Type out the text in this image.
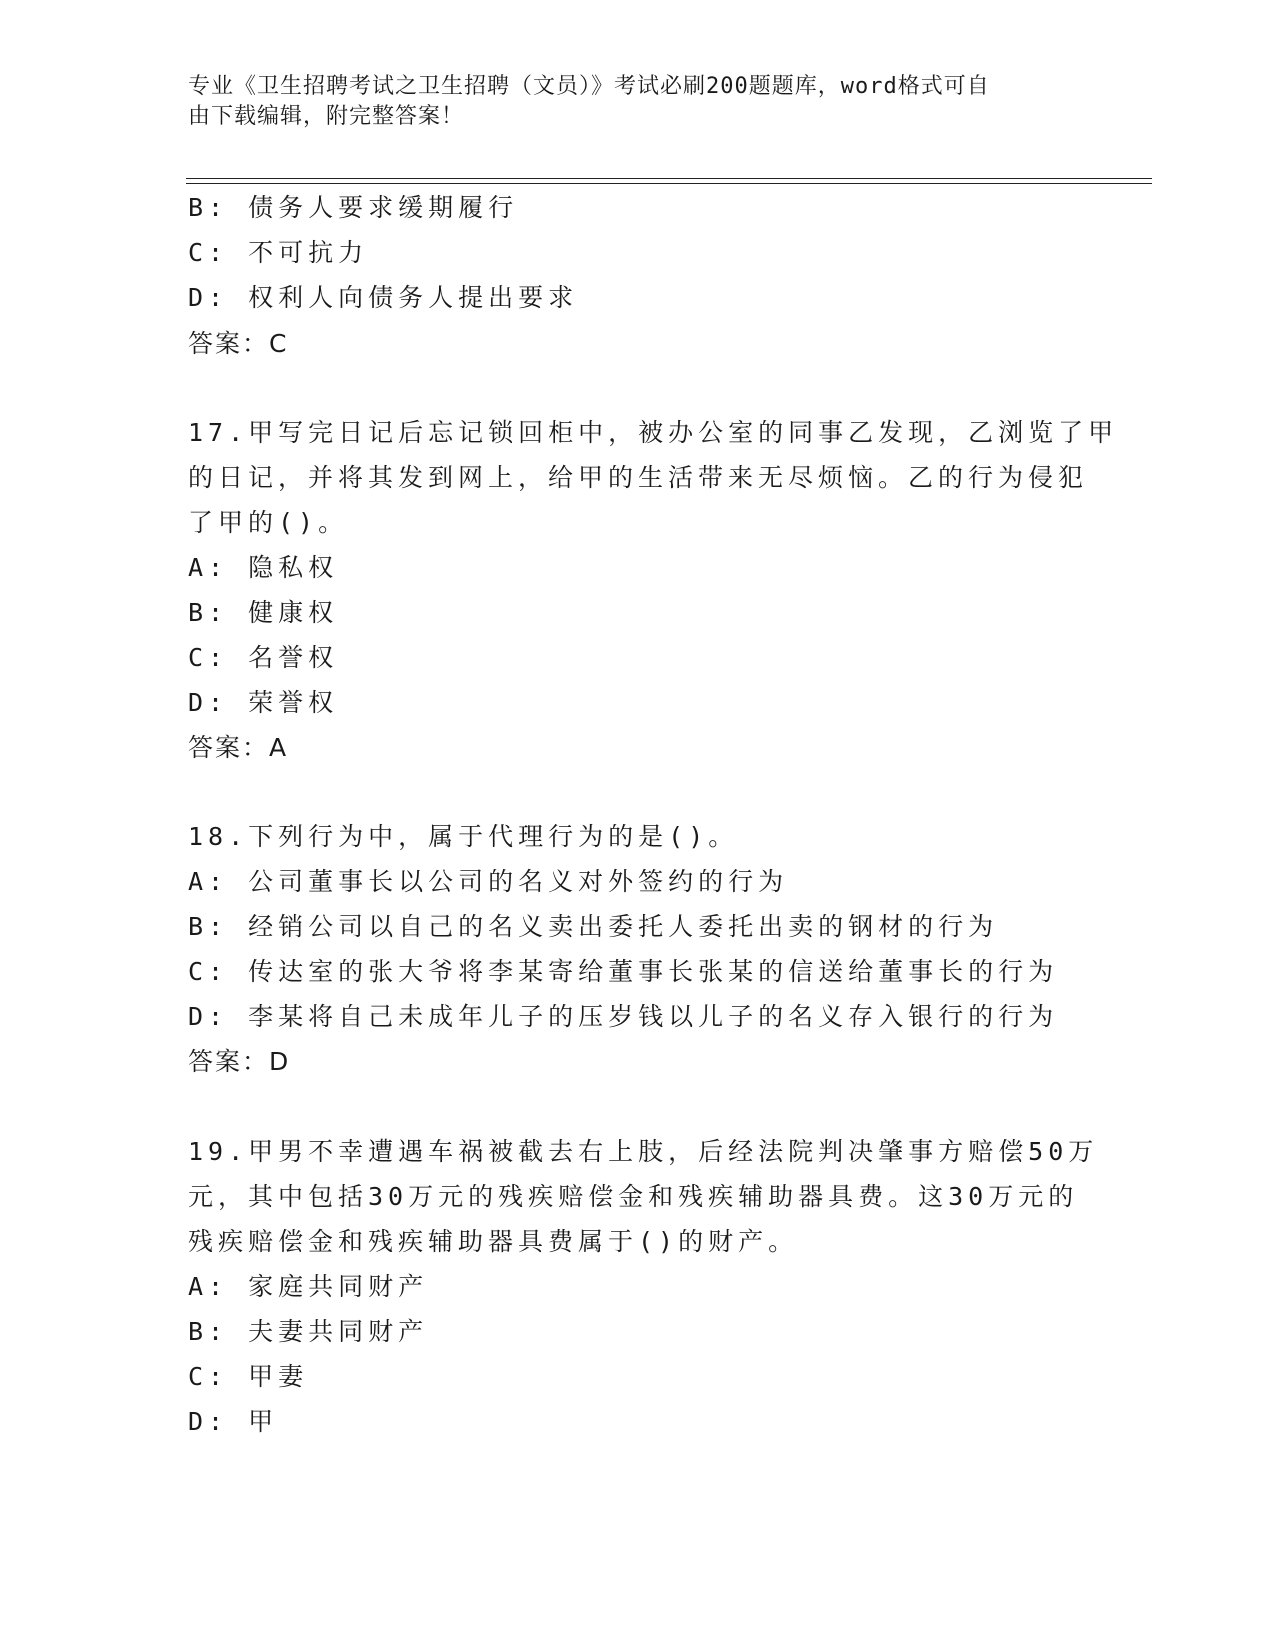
专业《卫生招聘考试之卫生招聘（文员）》考试必刷200题题库，word格式可自
由下载编辑，附完整答案！
B: 债务人要求缓期履行
C: 不可抗力
D: 权利人向债务人提出要求
答案：C
17.甲写完日记后忘记锁回柜中，被办公室的同事乙发现，乙浏览了甲
的日记，并将其发到网上，给甲的生活带来无尽烦恼。乙的行为侵犯
了甲的()。
A: 隐私权
B: 健康权
C: 名誉权
D: 荣誉权
答案：A
18.下列行为中，属于代理行为的是()。
A: 公司董事长以公司的名义对外签约的行为
B: 经销公司以自己的名义卖出委托人委托出卖的钢材的行为
C: 传达室的张大爷将李某寄给董事长张某的信送给董事长的行为
D: 李某将自己未成年儿子的压岁钱以儿子的名义存入银行的行为
答案：D
19.甲男不幸遭遇车祸被截去右上肢，后经法院判决肇事方赔偿50万
元，其中包括30万元的残疾赔偿金和残疾辅助器具费。这30万元的
残疾赔偿金和残疾辅助器具费属于()的财产。
A: 家庭共同财产
B: 夫妻共同财产
C: 甲妻
D: 甲
